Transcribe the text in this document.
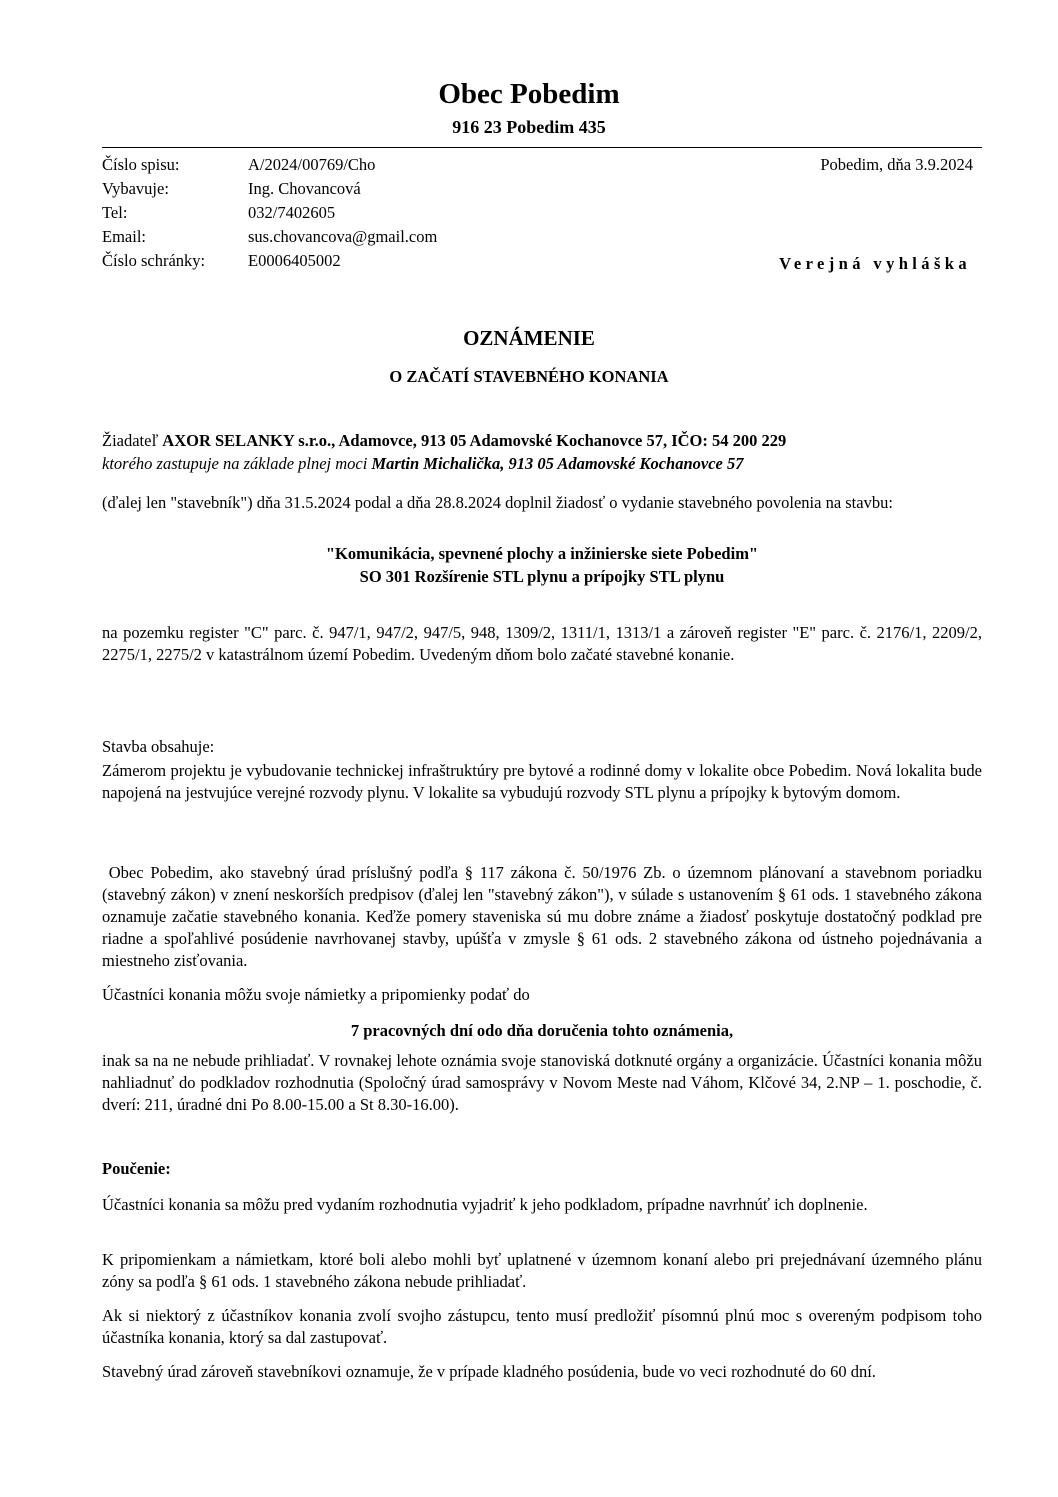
Obec Pobedim
916 23 Pobedim 435
Číslo spisu:	A/2024/00769/Cho
Vybavuje:	Ing. Chovancová
Tel:	032/7402605
Email:	sus.chovancova@gmail.com
Číslo schránky:	E0006405002
Pobedim, dňa 3.9.2024
Verejná vyhláška
OZNÁMENIE
O ZAČATÍ STAVEBNÉHO KONANIA
Žiadateľ AXOR SELANKY s.r.o., Adamovce, 913 05 Adamovské Kochanovce 57, IČO: 54 200 229
ktorého zastupuje na základe plnej moci Martin Michalička, 913 05 Adamovské Kochanovce 57
(ďalej len "stavebník") dňa 31.5.2024 podal a dňa 28.8.2024 doplnil žiadosť o vydanie stavebného povolenia na stavbu:
"Komunikácia, spevnené plochy a inžinierske siete Pobedim"
SO 301 Rozšírenie STL plynu a prípojky STL plynu
na pozemku register "C" parc. č. 947/1, 947/2, 947/5, 948, 1309/2, 1311/1, 1313/1 a zároveň register "E" parc. č. 2176/1, 2209/2, 2275/1, 2275/2 v katastrálnom území Pobedim. Uvedeným dňom bolo začaté stavebné konanie.
Stavba obsahuje:
Zámerom projektu je vybudovanie technickej infraštruktúry pre bytové a rodinné domy v lokalite obce Pobedim. Nová lokalita bude napojená na jestvujúce verejné rozvody plynu. V lokalite sa vybudujú rozvody STL plynu a prípojky k bytovým domom.
Obec Pobedim, ako stavebný úrad príslušný podľa § 117 zákona č. 50/1976 Zb. o územnom plánovaní a stavebnom poriadku (stavebný zákon) v znení neskorších predpisov (ďalej len "stavebný zákon"), v súlade s ustanovením § 61 ods. 1 stavebného zákona oznamuje začatie stavebného konania. Keďže pomery staveniska sú mu dobre známe a žiadosť poskytuje dostatočný podklad pre riadne a spoľahlivé posúdenie navrhovanej stavby, upúšťa v zmysle § 61 ods. 2 stavebného zákona od ústneho pojednávania a miestneho zisťovania.
Účastníci konania môžu svoje námietky a pripomienky podať do
7 pracovných dní odo dňa doručenia tohto oznámenia,
inak sa na ne nebude prihliadať. V rovnakej lehote oznámia svoje stanoviská dotknuté orgány a organizácie. Účastníci konania môžu nahliadnuť do podkladov rozhodnutia (Spoločný úrad samosprávy v Novom Meste nad Váhom, Klčové 34, 2.NP – 1. poschodie, č. dverí: 211, úradné dni Po 8.00-15.00 a St 8.30-16.00).
Poučenie:
Účastníci konania sa môžu pred vydaním rozhodnutia vyjadriť k jeho podkladom, prípadne navrhnúť ich doplnenie.
K pripomienkam a námietkam, ktoré boli alebo mohli byť uplatnené v územnom konaní alebo pri prejednávaní územného plánu zóny sa podľa § 61 ods. 1 stavebného zákona nebude prihliadať.
Ak si niektorý z účastníkov konania zvolí svojho zástupcu, tento musí predložiť písomnú plnú moc s overeným podpisom toho účastníka konania, ktorý sa dal zastupovať.
Stavebný úrad zároveň stavebníkovi oznamuje, že v prípade kladného posúdenia, bude vo veci rozhodnuté do 60 dní.
